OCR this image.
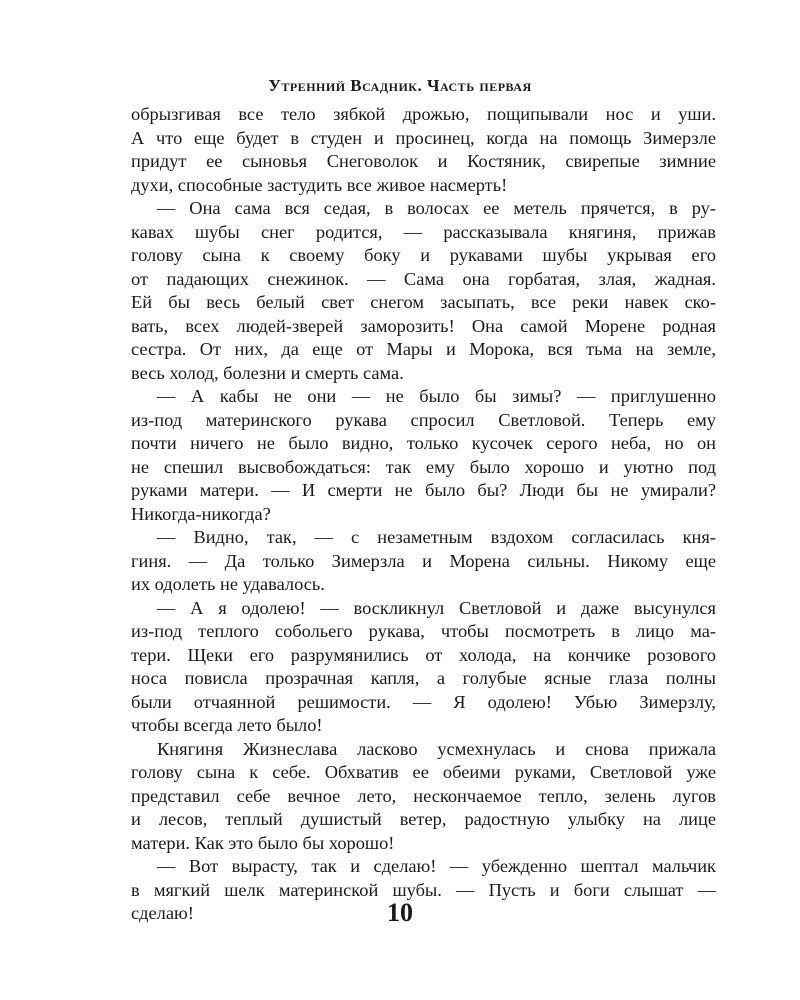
Утренний Всадник. Часть первая
обрызгивая все тело зябкой дрожью, пощипывали нос и уши.
А что еще будет в студен и просинец, когда на помощь Зимерзле
придут ее сыновья Снеговолок и Костяник, свирепые зимние
духи, способные застудить все живое насмерть!
— Она сама вся седая, в волосах ее метель прячется, в ру-
кавах шубы снег родится, — рассказывала княгиня, прижав
голову сына к своему боку и рукавами шубы укрывая его
от падающих снежинок. — Сама она горбатая, злая, жадная.
Ей бы весь белый свет снегом засыпать, все реки навек ско-
вать, всех людей-зверей заморозить! Она самой Морене родная
сестра. От них, да еще от Мары и Морока, вся тьма на земле,
весь холод, болезни и смерть сама.
— А кабы не они — не было бы зимы? — приглушенно
из-под материнского рукава спросил Светловой. Теперь ему
почти ничего не было видно, только кусочек серого неба, но он
не спешил высвобождаться: так ему было хорошо и уютно под
руками матери. — И смерти не было бы? Люди бы не умирали?
Никогда-никогда?
— Видно, так, — с незаметным вздохом согласилась кня-
гиня. — Да только Зимерзла и Морена сильны. Никому еще
их одолеть не удавалось.
— А я одолею! — воскликнул Светловой и даже высунулся
из-под теплого собольего рукава, чтобы посмотреть в лицо ма-
тери. Щеки его разрумянились от холода, на кончике розового
носа повисла прозрачная капля, а голубые ясные глаза полны
были отчаянной решимости. — Я одолею! Убью Зимерзлу,
чтобы всегда лето было!
Княгиня Жизнеслава ласково усмехнулась и снова прижала
голову сына к себе. Обхватив ее обеими руками, Светловой уже
представил себе вечное лето, нескончаемое тепло, зелень лугов
и лесов, теплый душистый ветер, радостную улыбку на лице
матери. Как это было бы хорошо!
— Вот вырасту, так и сделаю! — убежденно шептал мальчик
в мягкий шелк материнской шубы. — Пусть и боги слышат —
сделаю!	10
